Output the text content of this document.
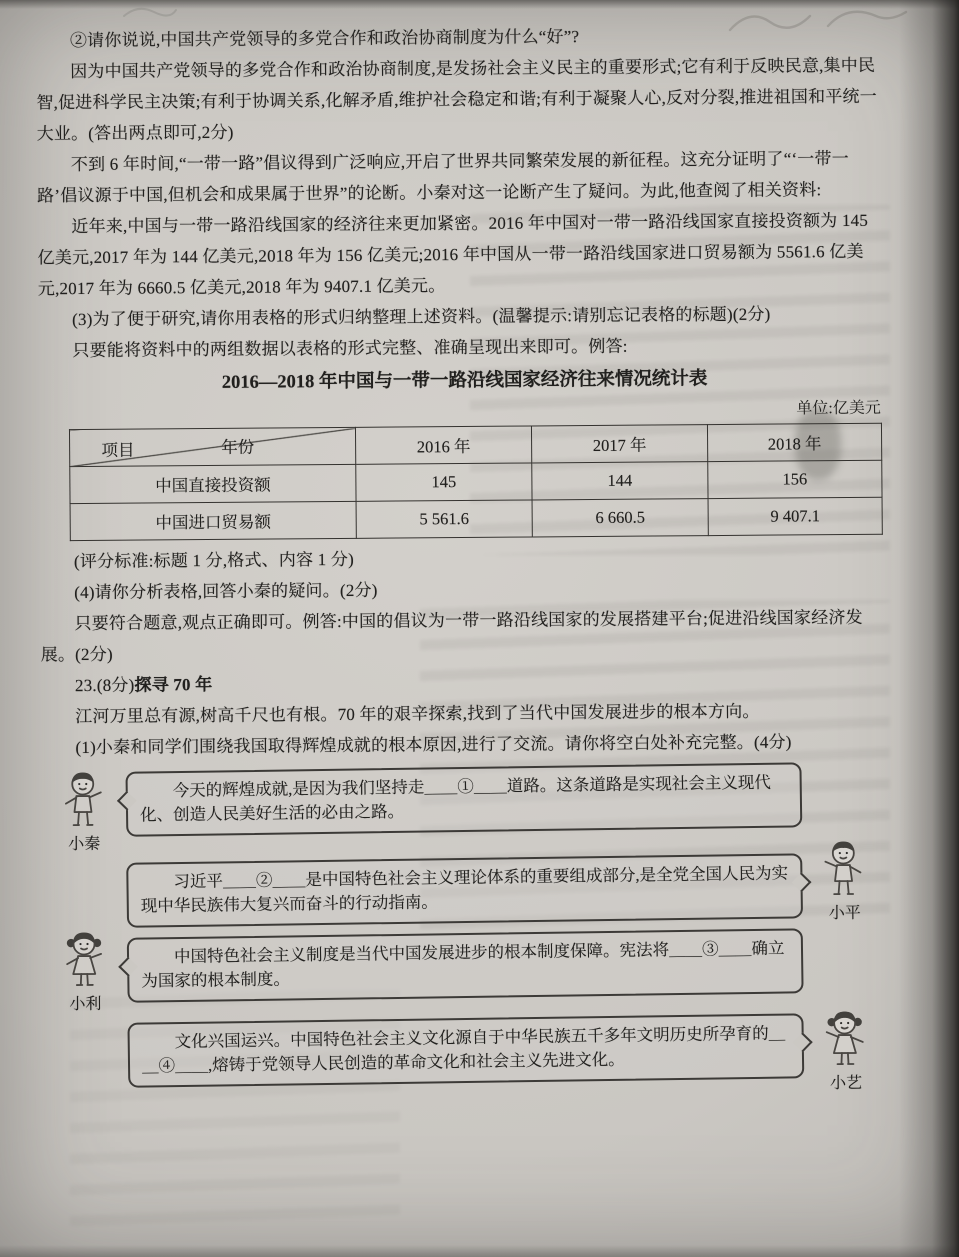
②请你说说,中国共产党领导的多党合作和政治协商制度为什么“好”?

因为中国共产党领导的多党合作和政治协商制度,是发扬社会主义民主的重要形式;它有利于反映民意,集中民智,促进科学民主决策;有利于协调关系,化解矛盾,维护社会稳定和谐;有利于凝聚人心,反对分裂,推进祖国和平统一大业。(答出两点即可,2分)

不到 6 年时间,“一带一路”倡议得到广泛响应,开启了世界共同繁荣发展的新征程。这充分证明了“‘一带一路’倡议源于中国,但机会和成果属于世界”的论断。小秦对这一论断产生了疑问。为此,他查阅了相关资料:

近年来,中国与一带一路沿线国家的经济往来更加紧密。2016 年中国对一带一路沿线国家直接投资额为 145 亿美元,2017 年为 144 亿美元,2018 年为 156 亿美元;2016 年中国从一带一路沿线国家进口贸易额为 5561.6 亿美元,2017 年为 6660.5 亿美元,2018 年为 9407.1 亿美元。

(3)为了便于研究,请你用表格的形式归纳整理上述资料。(温馨提示:请别忘记表格的标题)(2分)

只要能将资料中的两组数据以表格的形式完整、准确呈现出来即可。例答:

2016—2018 年中国与一带一路沿线国家经济往来情况统计表
单位:亿美元
年份
项目	2016 年	2017 年	2018 年
中国直接投资额	145	144	156
中国进口贸易额	5 561.6	6 660.5	9 407.1

(评分标准:标题 1 分,格式、内容 1 分)

(4)请你分析表格,回答小秦的疑问。(2分)

只要符合题意,观点正确即可。例答:中国的倡议为一带一路沿线国家的发展搭建平台;促进沿线国家经济发展。(2分)

23.(8分)探寻 70 年

江河万里总有源,树高千尺也有根。70 年的艰辛探索,找到了当代中国发展进步的根本方向。

(1)小秦和同学们围绕我国取得辉煌成就的根本原因,进行了交流。请你将空白处补充完整。(4分)

小秦

今天的辉煌成就,是因为我们坚持走＿＿①＿＿道路。这条道路是实现社会主义现代化、创造人民美好生活的必由之路。

习近平＿＿②＿＿是中国特色社会主义理论体系的重要组成部分,是全党全国人民为实现中华民族伟大复兴而奋斗的行动指南。	小平
小利

中国特色社会主义制度是当代中国发展进步的根本制度保障。宪法将＿＿③＿＿确立为国家的根本制度。

文化兴国运兴。中国特色社会主义文化源自于中华民族五千多年文明历史所孕育的＿＿④＿＿,熔铸于党领导人民创造的革命文化和社会主义先进文化。

小艺
